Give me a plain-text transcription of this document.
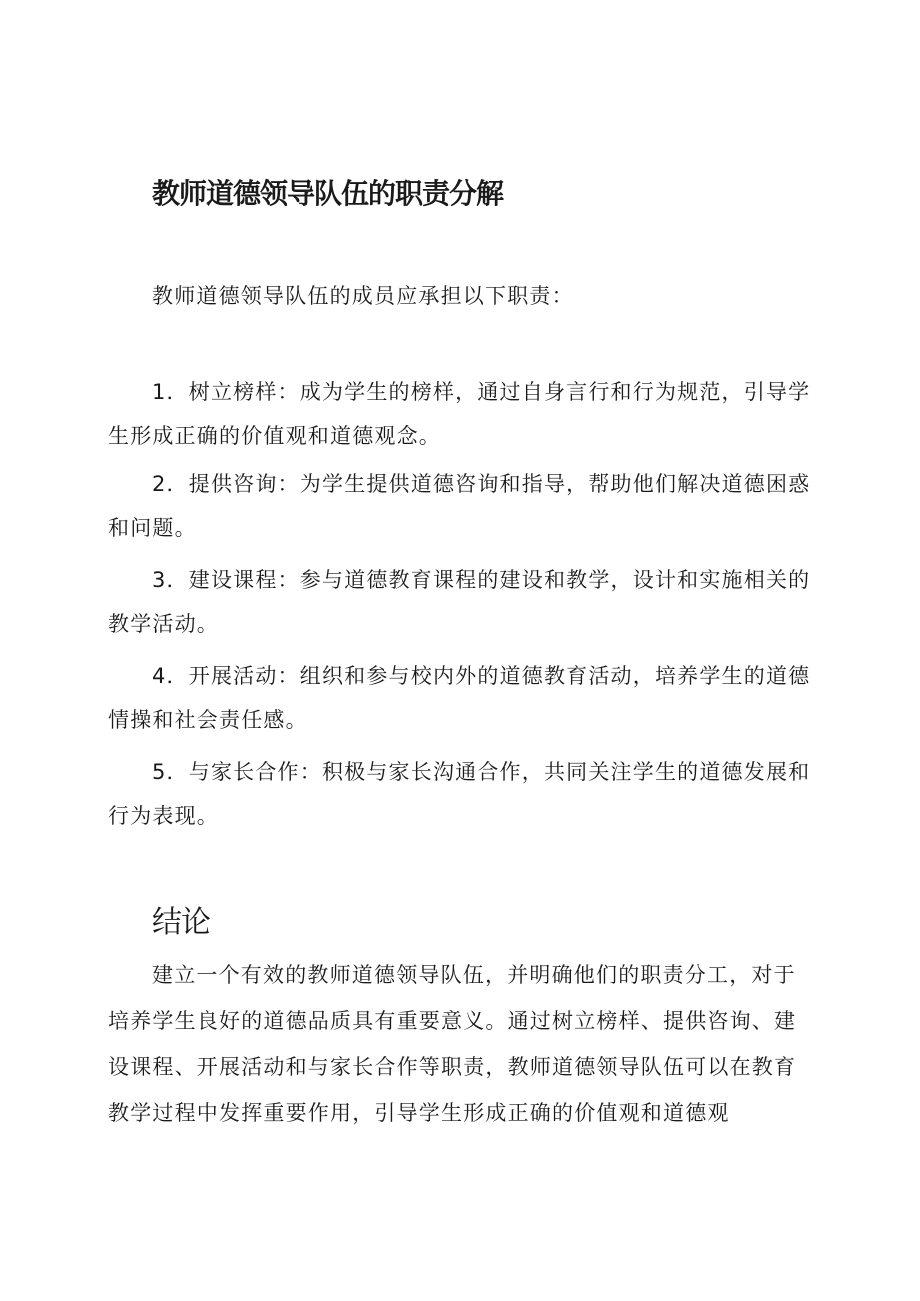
教师道德领导队伍的职责分解

教师道德领导队伍的成员应承担以下职责：

1．树立榜样：成为学生的榜样，通过自身言行和行为规范，引导学生形成正确的价值观和道德观念。

2．提供咨询：为学生提供道德咨询和指导，帮助他们解决道德困惑和问题。

3．建设课程：参与道德教育课程的建设和教学，设计和实施相关的教学活动。

4．开展活动：组织和参与校内外的道德教育活动，培养学生的道德情操和社会责任感。

5．与家长合作：积极与家长沟通合作，共同关注学生的道德发展和行为表现。

结论

建立一个有效的教师道德领导队伍，并明确他们的职责分工，对于培养学生良好的道德品质具有重要意义。通过树立榜样、提供咨询、建设课程、开展活动和与家长合作等职责，教师道德领导队伍可以在教育教学过程中发挥重要作用，引导学生形成正确的价值观和道德观
